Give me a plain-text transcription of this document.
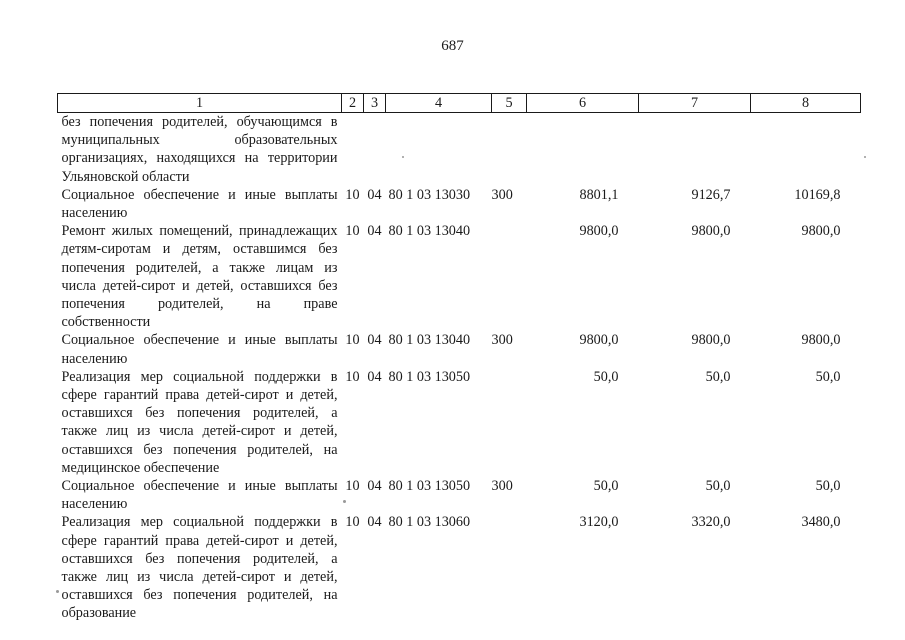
687
1	2	3	4	5	6	7	8
без попечения родителей, обучающимся в муниципальных образовательных организациях, находящихся на территории Ульяновской области							
Социальное обеспечение и иные выплаты населению	10	04	80 1 03 13030	300	8801,1	9126,7	10169,8
Ремонт жилых помещений, принадлежащих детям-сиротам и детям, оставшимся без попечения родителей, а также лицам из числа детей-сирот и детей, оставшихся без попечения родителей, на праве собственности	10	04	80 1 03 13040		9800,0	9800,0	9800,0
Социальное обеспечение и иные выплаты населению	10	04	80 1 03 13040	300	9800,0	9800,0	9800,0
Реализация мер социальной поддержки в сфере гарантий права детей-сирот и детей, оставшихся без попечения родителей, а также лиц из числа детей-сирот и детей, оставшихся без попечения родителей, на медицинское обеспечение	10	04	80 1 03 13050		50,0	50,0	50,0
Социальное обеспечение и иные выплаты населению	10	04	80 1 03 13050	300	50,0	50,0	50,0
Реализация мер социальной поддержки в сфере гарантий права детей-сирот и детей, оставшихся без попечения родителей, а также лиц из числа детей-сирот и детей, оставшихся без попечения родителей, на образование	10	04	80 1 03 13060		3120,0	3320,0	3480,0
